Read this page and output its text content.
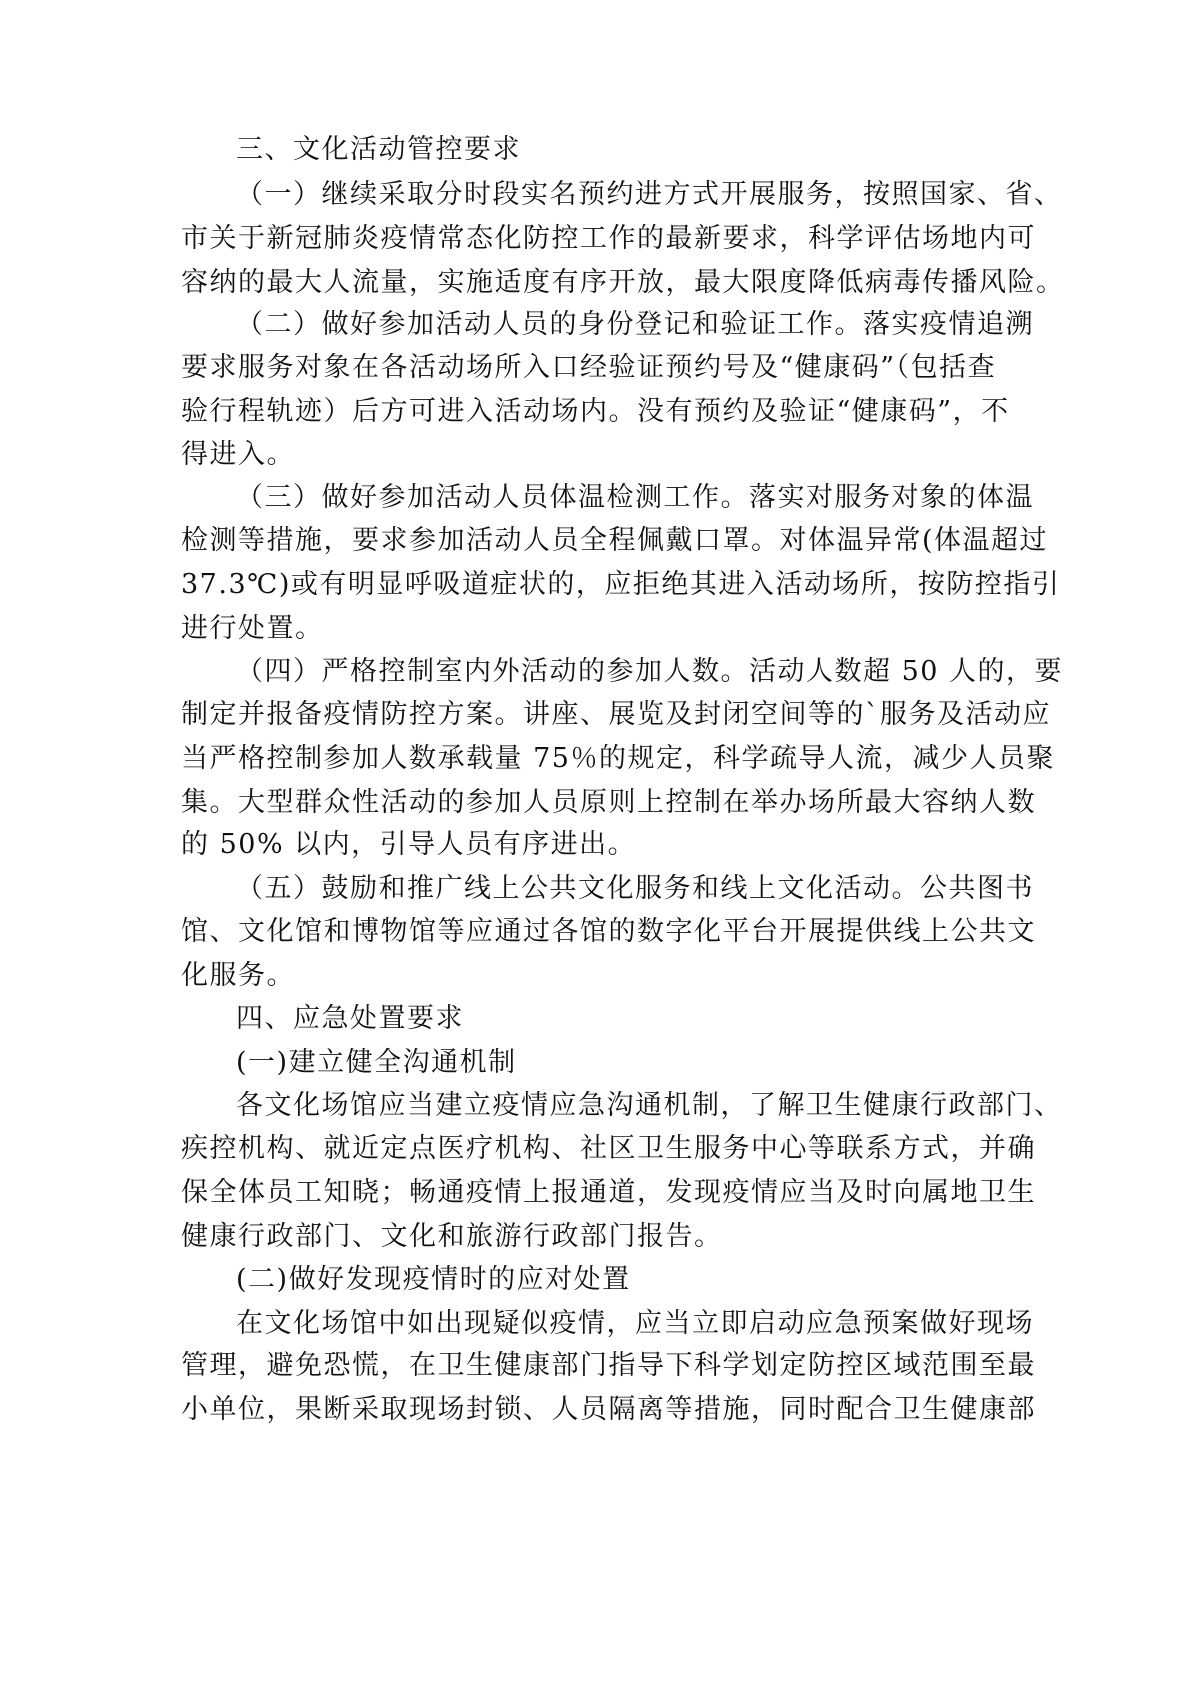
三、文化活动管控要求
（一）继续采取分时段实名预约进方式开展服务，按照国家、省、
市关于新冠肺炎疫情常态化防控工作的最新要求，科学评估场地内可
容纳的最大人流量，实施适度有序开放，最大限度降低病毒传播风险。
（二）做好参加活动人员的身份登记和验证工作。落实疫情追溯
要求服务对象在各活动场所入口经验证预约号及“健康码”（包括查
验行程轨迹）后方可进入活动场内。没有预约及验证“健康码”，不
得进入。
（三）做好参加活动人员体温检测工作。落实对服务对象的体温
检测等措施，要求参加活动人员全程佩戴口罩。对体温异常(体温超过
37.3℃)或有明显呼吸道症状的，应拒绝其进入活动场所，按防控指引
进行处置。
（四）严格控制室内外活动的参加人数。活动人数超 50 人的，要
制定并报备疫情防控方案。讲座、展览及封闭空间等的`服务及活动应
当严格控制参加人数承载量 75％的规定，科学疏导人流，减少人员聚
集。大型群众性活动的参加人员原则上控制在举办场所最大容纳人数
的 50% 以内，引导人员有序进出。
（五）鼓励和推广线上公共文化服务和线上文化活动。公共图书
馆、文化馆和博物馆等应通过各馆的数字化平台开展提供线上公共文
化服务。
四、应急处置要求
(一)建立健全沟通机制
各文化场馆应当建立疫情应急沟通机制，了解卫生健康行政部门、
疾控机构、就近定点医疗机构、社区卫生服务中心等联系方式，并确
保全体员工知晓；畅通疫情上报通道，发现疫情应当及时向属地卫生
健康行政部门、文化和旅游行政部门报告。
(二)做好发现疫情时的应对处置
在文化场馆中如出现疑似疫情，应当立即启动应急预案做好现场
管理，避免恐慌，在卫生健康部门指导下科学划定防控区域范围至最
小单位，果断采取现场封锁、人员隔离等措施，同时配合卫生健康部
